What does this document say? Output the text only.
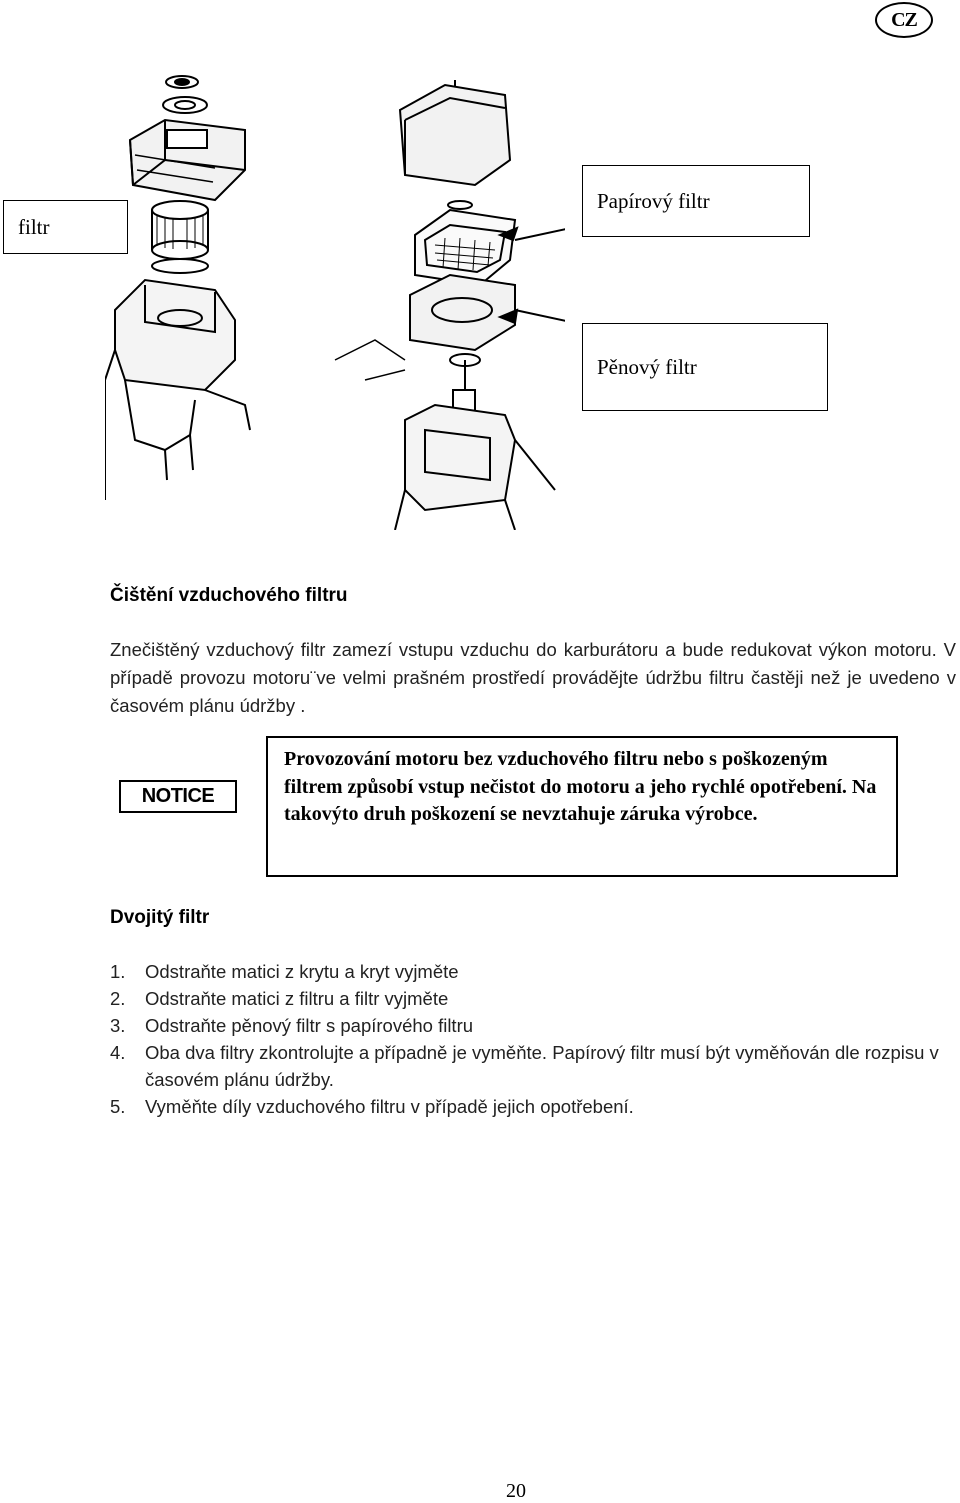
CZ
filtr
Papírový filtr
Pěnový filtr
Čištění vzduchového filtru
Znečištěný vzduchový filtr zamezí vstupu vzduchu do karburátoru a bude redukovat výkon motoru. V případě provozu motoru¨ve velmi prašném prostředí provádějte údržbu filtru častěji než je uvedeno v časovém plánu údržby .
NOTICE
Provozování motoru bez vzduchového filtru nebo s poškozeným filtrem způsobí vstup nečistot do motoru a jeho rychlé opotřebení. Na takovýto druh poškození se nevztahuje záruka výrobce.
Dvojitý filtr
1.	Odstraňte matici z krytu a kryt vyjměte
2.	Odstraňte matici z filtru a filtr vyjměte
3.	Odstraňte pěnový filtr s papírového filtru
4.	Oba dva filtry zkontrolujte a případně je vyměňte. Papírový filtr musí být vyměňován dle rozpisu v časovém plánu údržby.
5.	Vyměňte díly vzduchového filtru v případě jejich opotřebení.
20
